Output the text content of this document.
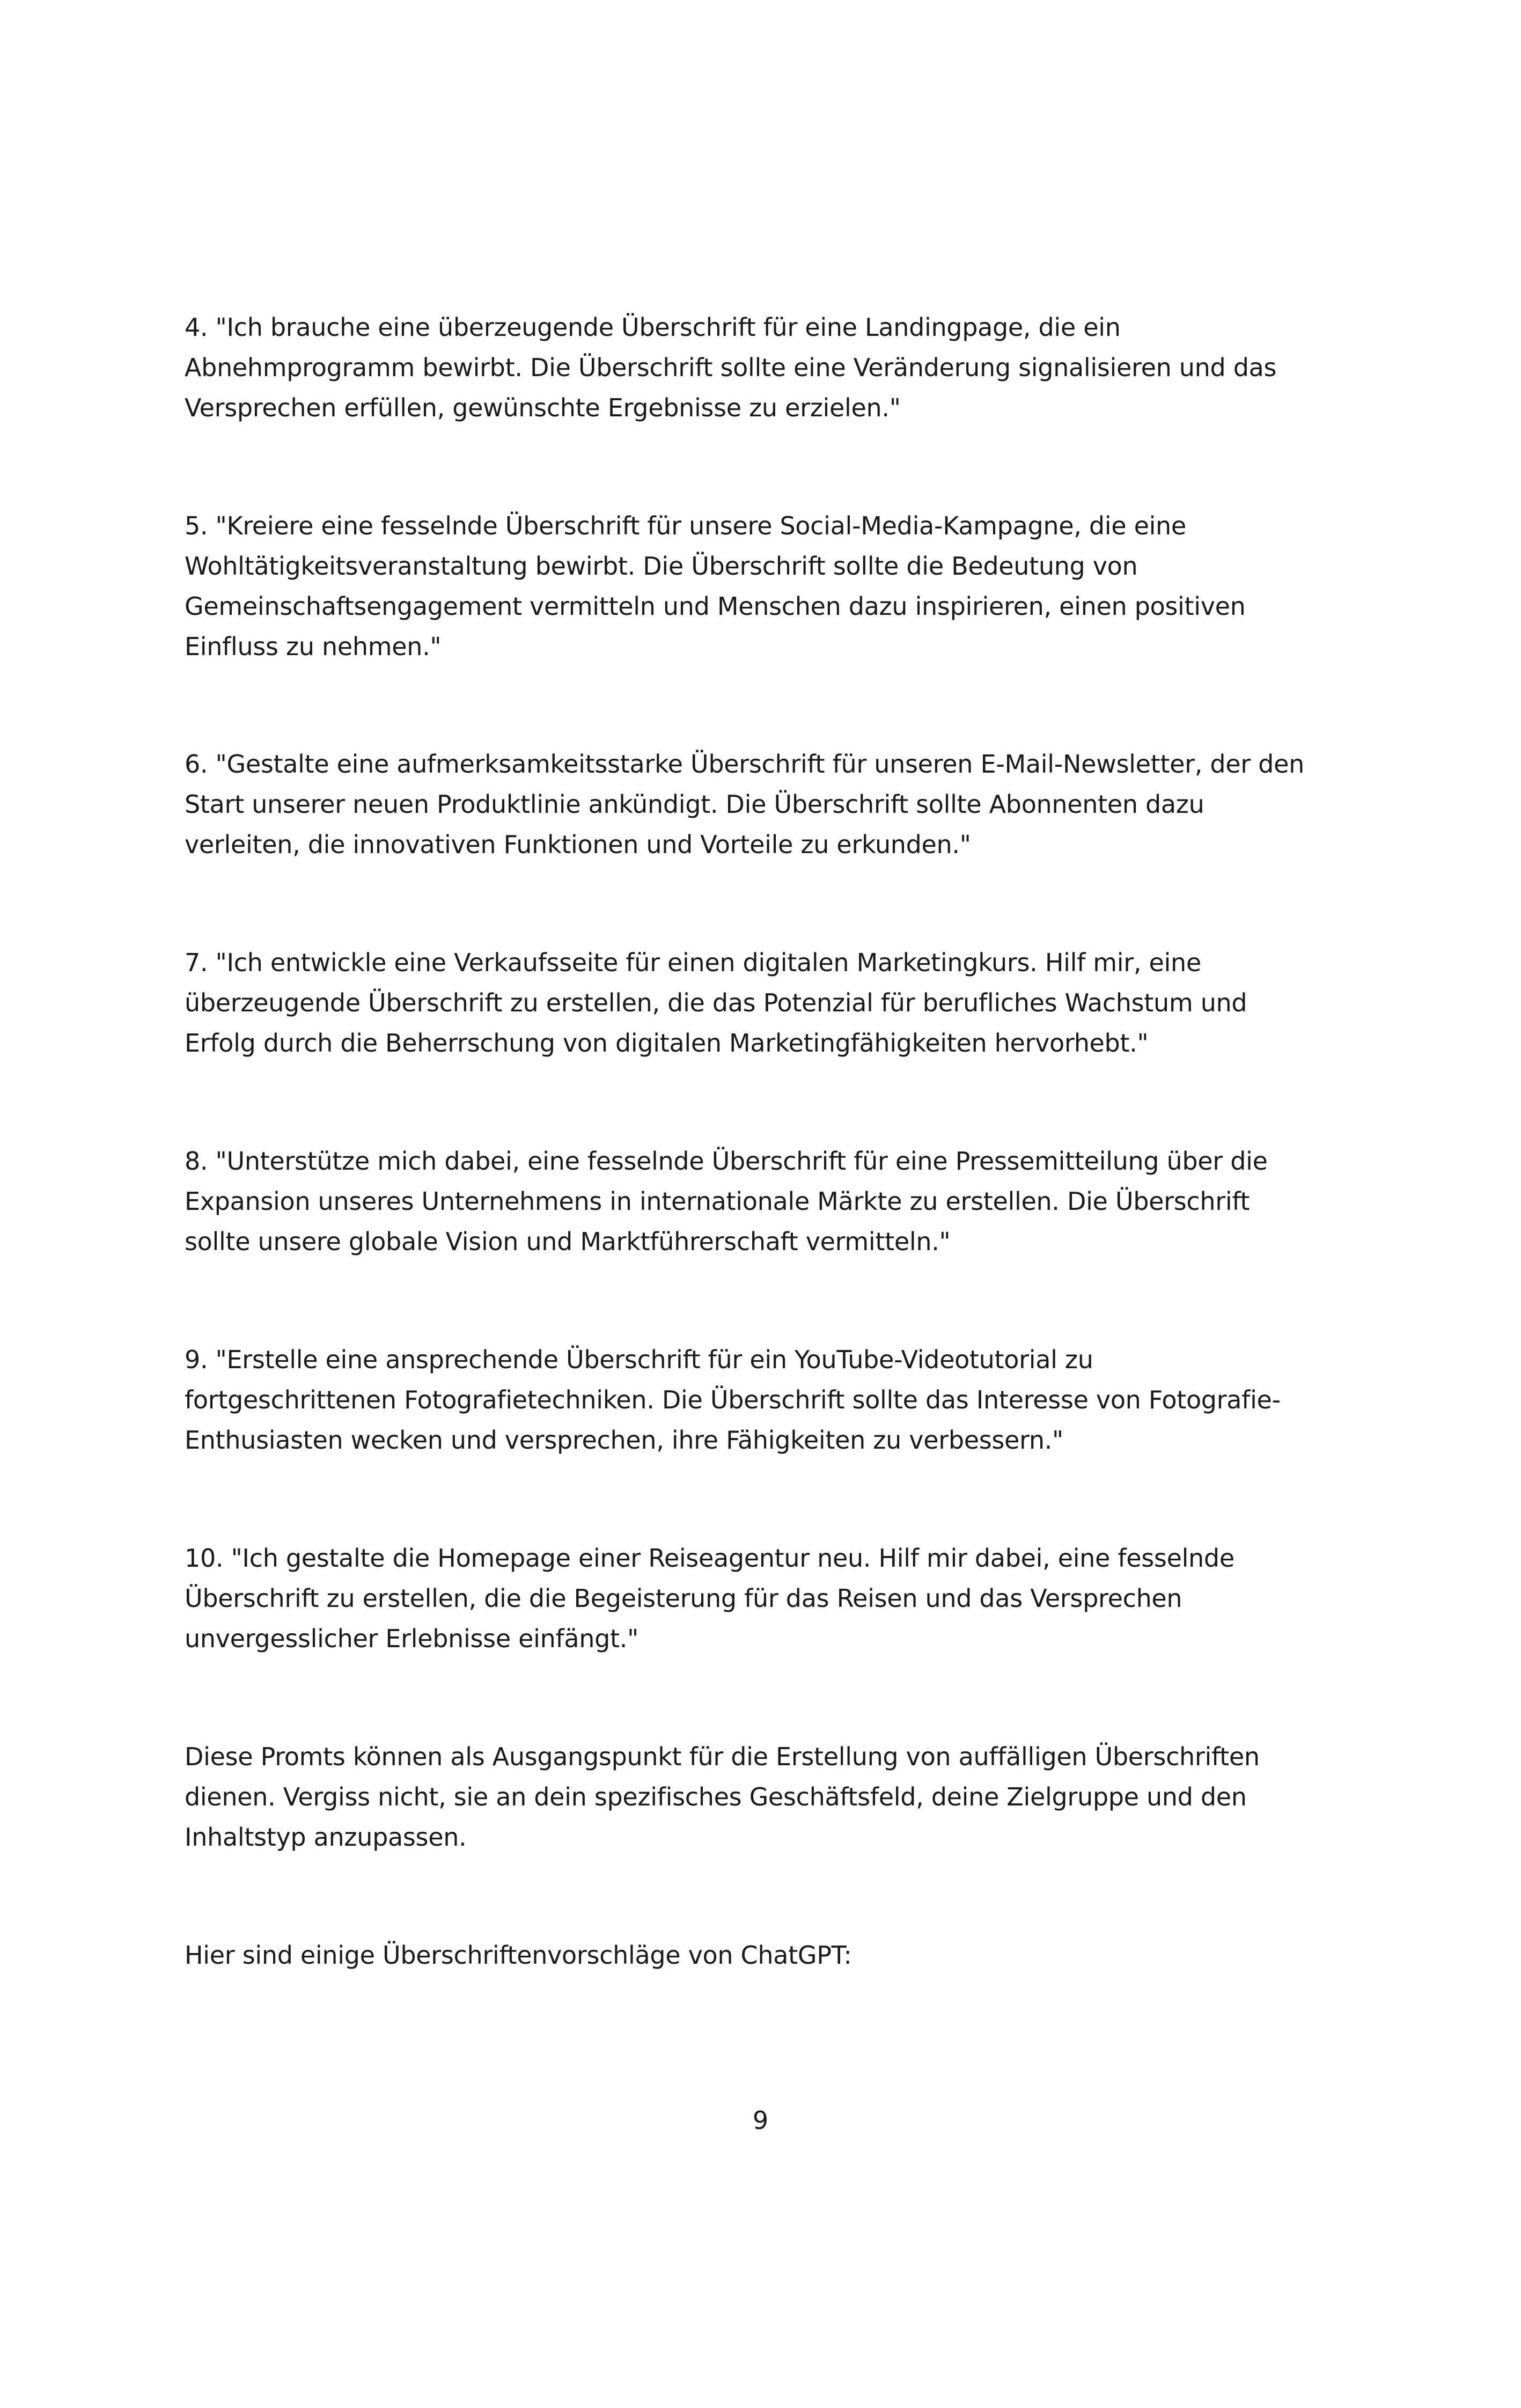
4. "Ich brauche eine überzeugende Überschrift für eine Landingpage, die ein
Abnehmprogramm bewirbt. Die Überschrift sollte eine Veränderung signalisieren und das
Versprechen erfüllen, gewünschte Ergebnisse zu erzielen."

5. "Kreiere eine fesselnde Überschrift für unsere Social-Media-Kampagne, die eine
Wohltätigkeitsveranstaltung bewirbt. Die Überschrift sollte die Bedeutung von
Gemeinschaftsengagement vermitteln und Menschen dazu inspirieren, einen positiven
Einfluss zu nehmen."

6. "Gestalte eine aufmerksamkeitsstarke Überschrift für unseren E-Mail-Newsletter, der den
Start unserer neuen Produktlinie ankündigt. Die Überschrift sollte Abonnenten dazu
verleiten, die innovativen Funktionen und Vorteile zu erkunden."

7. "Ich entwickle eine Verkaufsseite für einen digitalen Marketingkurs. Hilf mir, eine
überzeugende Überschrift zu erstellen, die das Potenzial für berufliches Wachstum und
Erfolg durch die Beherrschung von digitalen Marketingfähigkeiten hervorhebt."

8. "Unterstütze mich dabei, eine fesselnde Überschrift für eine Pressemitteilung über die
Expansion unseres Unternehmens in internationale Märkte zu erstellen. Die Überschrift
sollte unsere globale Vision und Marktführerschaft vermitteln."

9. "Erstelle eine ansprechende Überschrift für ein YouTube-Videotutorial zu
fortgeschrittenen Fotografietechniken. Die Überschrift sollte das Interesse von Fotografie-
Enthusiasten wecken und versprechen, ihre Fähigkeiten zu verbessern."

10. "Ich gestalte die Homepage einer Reiseagentur neu. Hilf mir dabei, eine fesselnde
Überschrift zu erstellen, die die Begeisterung für das Reisen und das Versprechen
unvergesslicher Erlebnisse einfängt."

Diese Promts können als Ausgangspunkt für die Erstellung von auffälligen Überschriften
dienen. Vergiss nicht, sie an dein spezifisches Geschäftsfeld, deine Zielgruppe und den
Inhaltstyp anzupassen.

Hier sind einige Überschriftenvorschläge von ChatGPT:

9
